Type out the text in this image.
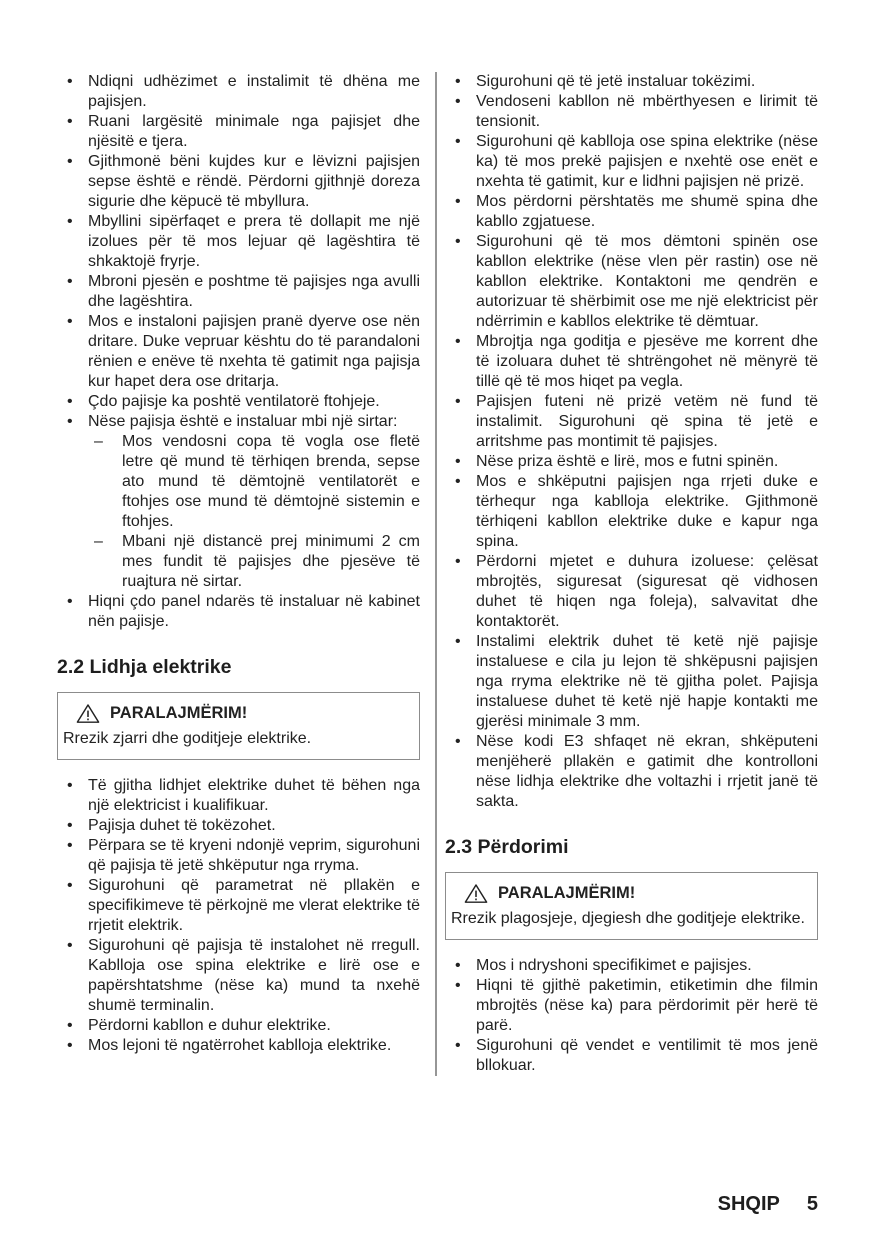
• Ndiqni udhëzimet e instalimit të dhëna me pajisjen.
• Ruani largësitë minimale nga pajisjet dhe njësitë e tjera.
• Gjithmonë bëni kujdes kur e lëvizni pajisjen sepse është e rëndë. Përdorni gjithnjë doreza sigurie dhe këpucë të mbyllura.
• Mbyllini sipërfaqet e prera të dollapit me një izolues për të mos lejuar që lagështira të shkaktojë fryrje.
• Mbroni pjesën e poshtme të pajisjes nga avulli dhe lagështira.
• Mos e instaloni pajisjen pranë dyerve ose nën dritare. Duke vepruar kështu do të parandaloni rënien e enëve të nxehta të gatimit nga pajisja kur hapet dera ose dritarja.
• Çdo pajisje ka poshtë ventilatorë ftohjeje.
• Nëse pajisja është e instaluar mbi një sirtar:
–	Mos vendosni copa të vogla ose fletë letre që mund të tërhiqen brenda, sepse ato mund të dëmtojnë ventilatorët e ftohjes ose mund të dëmtojnë sistemin e ftohjes.
–	Mbani një distancë prej minimumi 2 cm mes fundit të pajisjes dhe pjesëve të ruajtura në sirtar.
• Hiqni çdo panel ndarës të instaluar në kabinet nën pajisje.
2.2 Lidhja elektrike
PARALAJMËRIM!
Rrezik zjarri dhe goditjeje elektrike.
• Të gjitha lidhjet elektrike duhet të bëhen nga një elektricist i kualifikuar.
• Pajisja duhet të tokëzohet.
• Përpara se të kryeni ndonjë veprim, sigurohuni që pajisja të jetë shkëputur nga rryma.
• Sigurohuni që parametrat në pllakën e specifikimeve të përkojnë me vlerat elektrike të rrjetit elektrik.
• Sigurohuni që pajisja të instalohet në rregull. Kablloja ose spina elektrike e lirë ose e papërshtatshme (nëse ka) mund ta nxehë shumë terminalin.
• Përdorni kabllon e duhur elektrike.
• Mos lejoni të ngatërrohet kablloja elektrike.
• Sigurohuni që të jetë instaluar tokëzimi.
• Vendoseni kabllon në mbërthyesen e lirimit të tensionit.
• Sigurohuni që kablloja ose spina elektrike (nëse ka) të mos prekë pajisjen e nxehtë ose enët e nxehta të gatimit, kur e lidhni pajisjen në prizë.
• Mos përdorni përshtatës me shumë spina dhe kabllo zgjatuese.
• Sigurohuni që të mos dëmtoni spinën ose kabllon elektrike (nëse vlen për rastin) ose në kabllon elektrike. Kontaktoni me qendrën e autorizuar të shërbimit ose me një elektricist për ndërrimin e kabllos elektrike të dëmtuar.
• Mbrojtja nga goditja e pjesëve me korrent dhe të izoluara duhet të shtrëngohet në mënyrë të tillë që të mos hiqet pa vegla.
• Pajisjen futeni në prizë vetëm në fund të instalimit. Sigurohuni që spina të jetë e arritshme pas montimit të pajisjes.
• Nëse priza është e lirë, mos e futni spinën.
• Mos e shkëputni pajisjen nga rrjeti duke e tërhequr nga kablloja elektrike. Gjithmonë tërhiqeni kabllon elektrike duke e kapur nga spina.
• Përdorni mjetet e duhura izoluese: çelësat mbrojtës, siguresat (siguresat që vidhosen duhet të hiqen nga foleja), salvavitat dhe kontaktorët.
• Instalimi elektrik duhet të ketë një pajisje instaluese e cila ju lejon të shkëpusni pajisjen nga rryma elektrike në të gjitha polet. Pajisja instaluese duhet të ketë një hapje kontakti me gjerësi minimale 3 mm.
• Nëse kodi E3 shfaqet në ekran, shkëputeni menjëherë pllakën e gatimit dhe kontrolloni nëse lidhja elektrike dhe voltazhi i rrjetit janë të sakta.
2.3 Përdorimi
PARALAJMËRIM!
Rrezik plagosjeje, djegiesh dhe goditjeje elektrike.
• Mos i ndryshoni specifikimet e pajisjes.
• Hiqni të gjithë paketimin, etiketimin dhe filmin mbrojtës (nëse ka) para përdorimit për herë të parë.
• Sigurohuni që vendet e ventilimit të mos jenë bllokuar.
SHQIP 5
